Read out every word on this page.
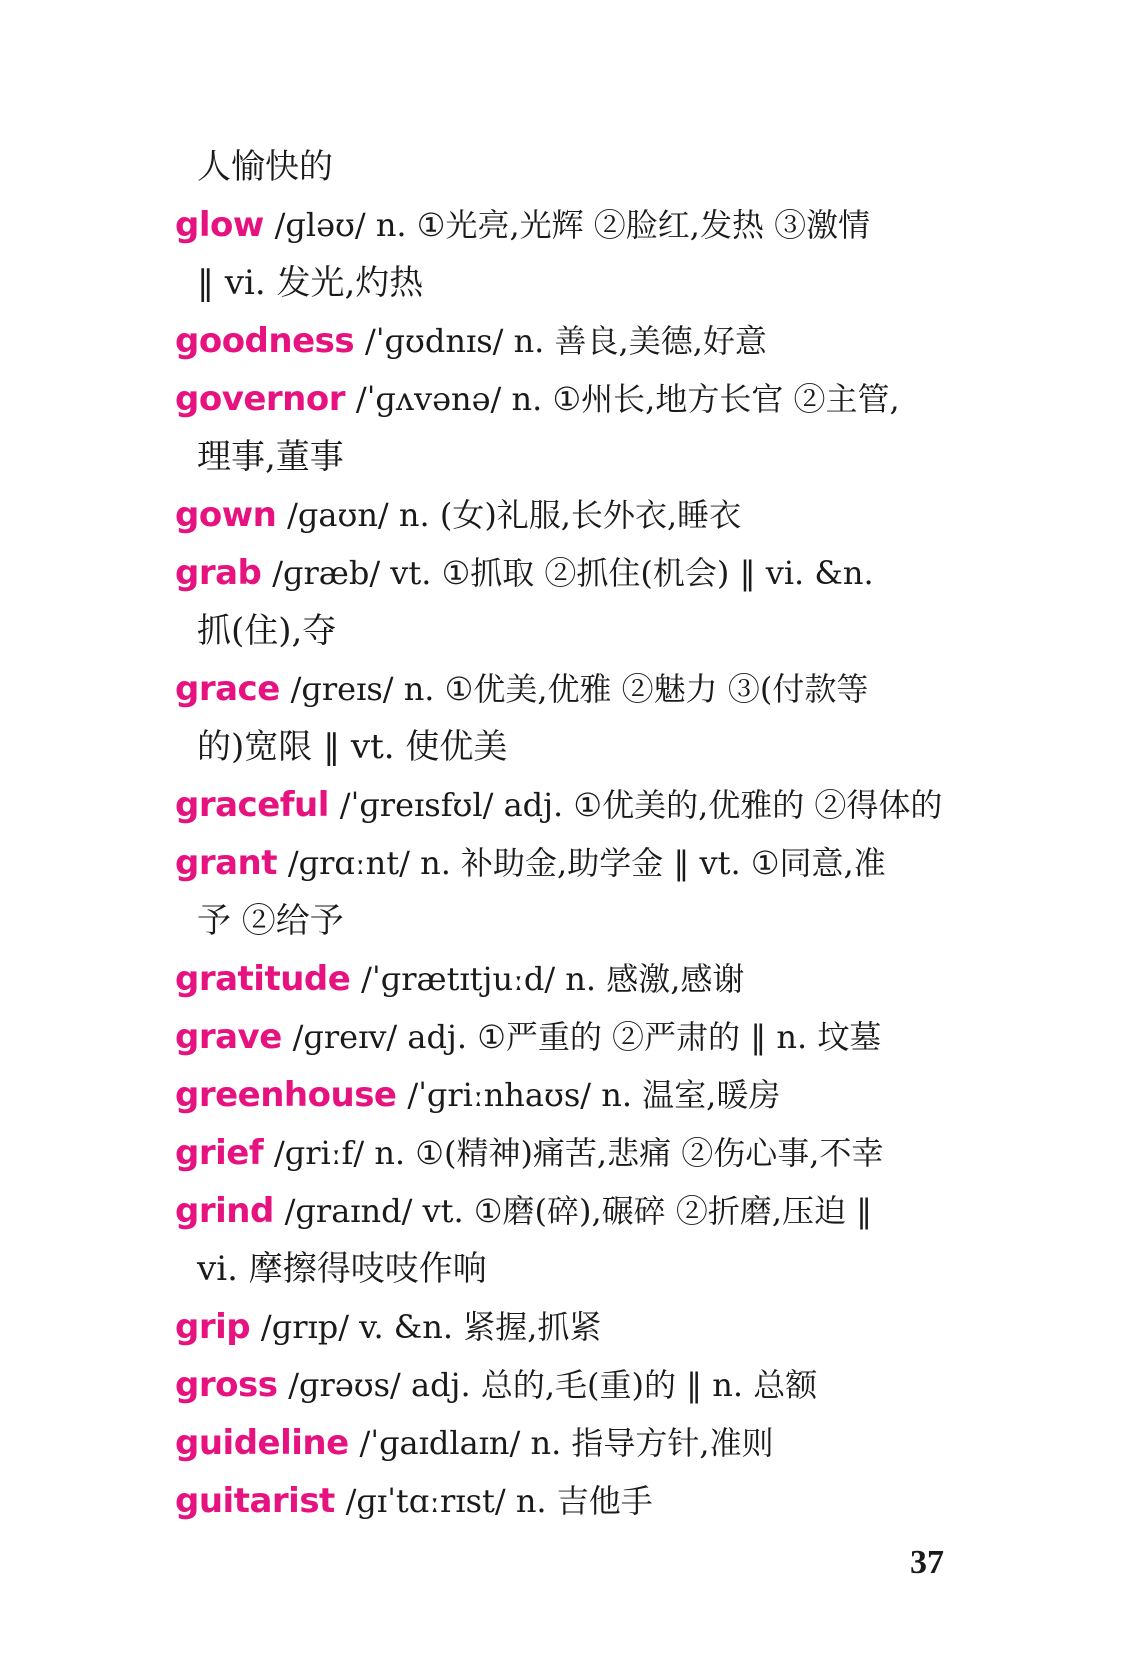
人愉快的
glow /ɡləʊ/ n. ①光亮,光辉 ②脸红,发热 ③激情
‖ vi. 发光,灼热
goodness /ˈɡʊdnɪs/ n. 善良,美德,好意
governor /ˈɡʌvənə/ n. ①州长,地方长官 ②主管,
理事,董事
gown /ɡaʊn/ n. (女)礼服,长外衣,睡衣
grab /ɡræb/ vt. ①抓取 ②抓住(机会) ‖ vi. &n.
抓(住),夺
grace /ɡreɪs/ n. ①优美,优雅 ②魅力 ③(付款等
的)宽限 ‖ vt. 使优美
graceful /ˈɡreɪsfʊl/ adj. ①优美的,优雅的 ②得体的
grant /ɡrɑːnt/ n. 补助金,助学金 ‖ vt. ①同意,准
予 ②给予
gratitude /ˈɡrætɪtjuːd/ n. 感激,感谢
grave /ɡreɪv/ adj. ①严重的 ②严肃的 ‖ n. 坟墓
greenhouse /ˈɡriːnhaʊs/ n. 温室,暖房
grief /ɡriːf/ n. ①(精神)痛苦,悲痛 ②伤心事,不幸
grind /ɡraɪnd/ vt. ①磨(碎),碾碎 ②折磨,压迫 ‖
vi. 摩擦得吱吱作响
grip /ɡrɪp/ v. &n. 紧握,抓紧
gross /ɡrəʊs/ adj. 总的,毛(重)的 ‖ n. 总额
guideline /ˈɡaɪdlaɪn/ n. 指导方针,准则
guitarist /ɡɪˈtɑːrɪst/ n. 吉他手
37
